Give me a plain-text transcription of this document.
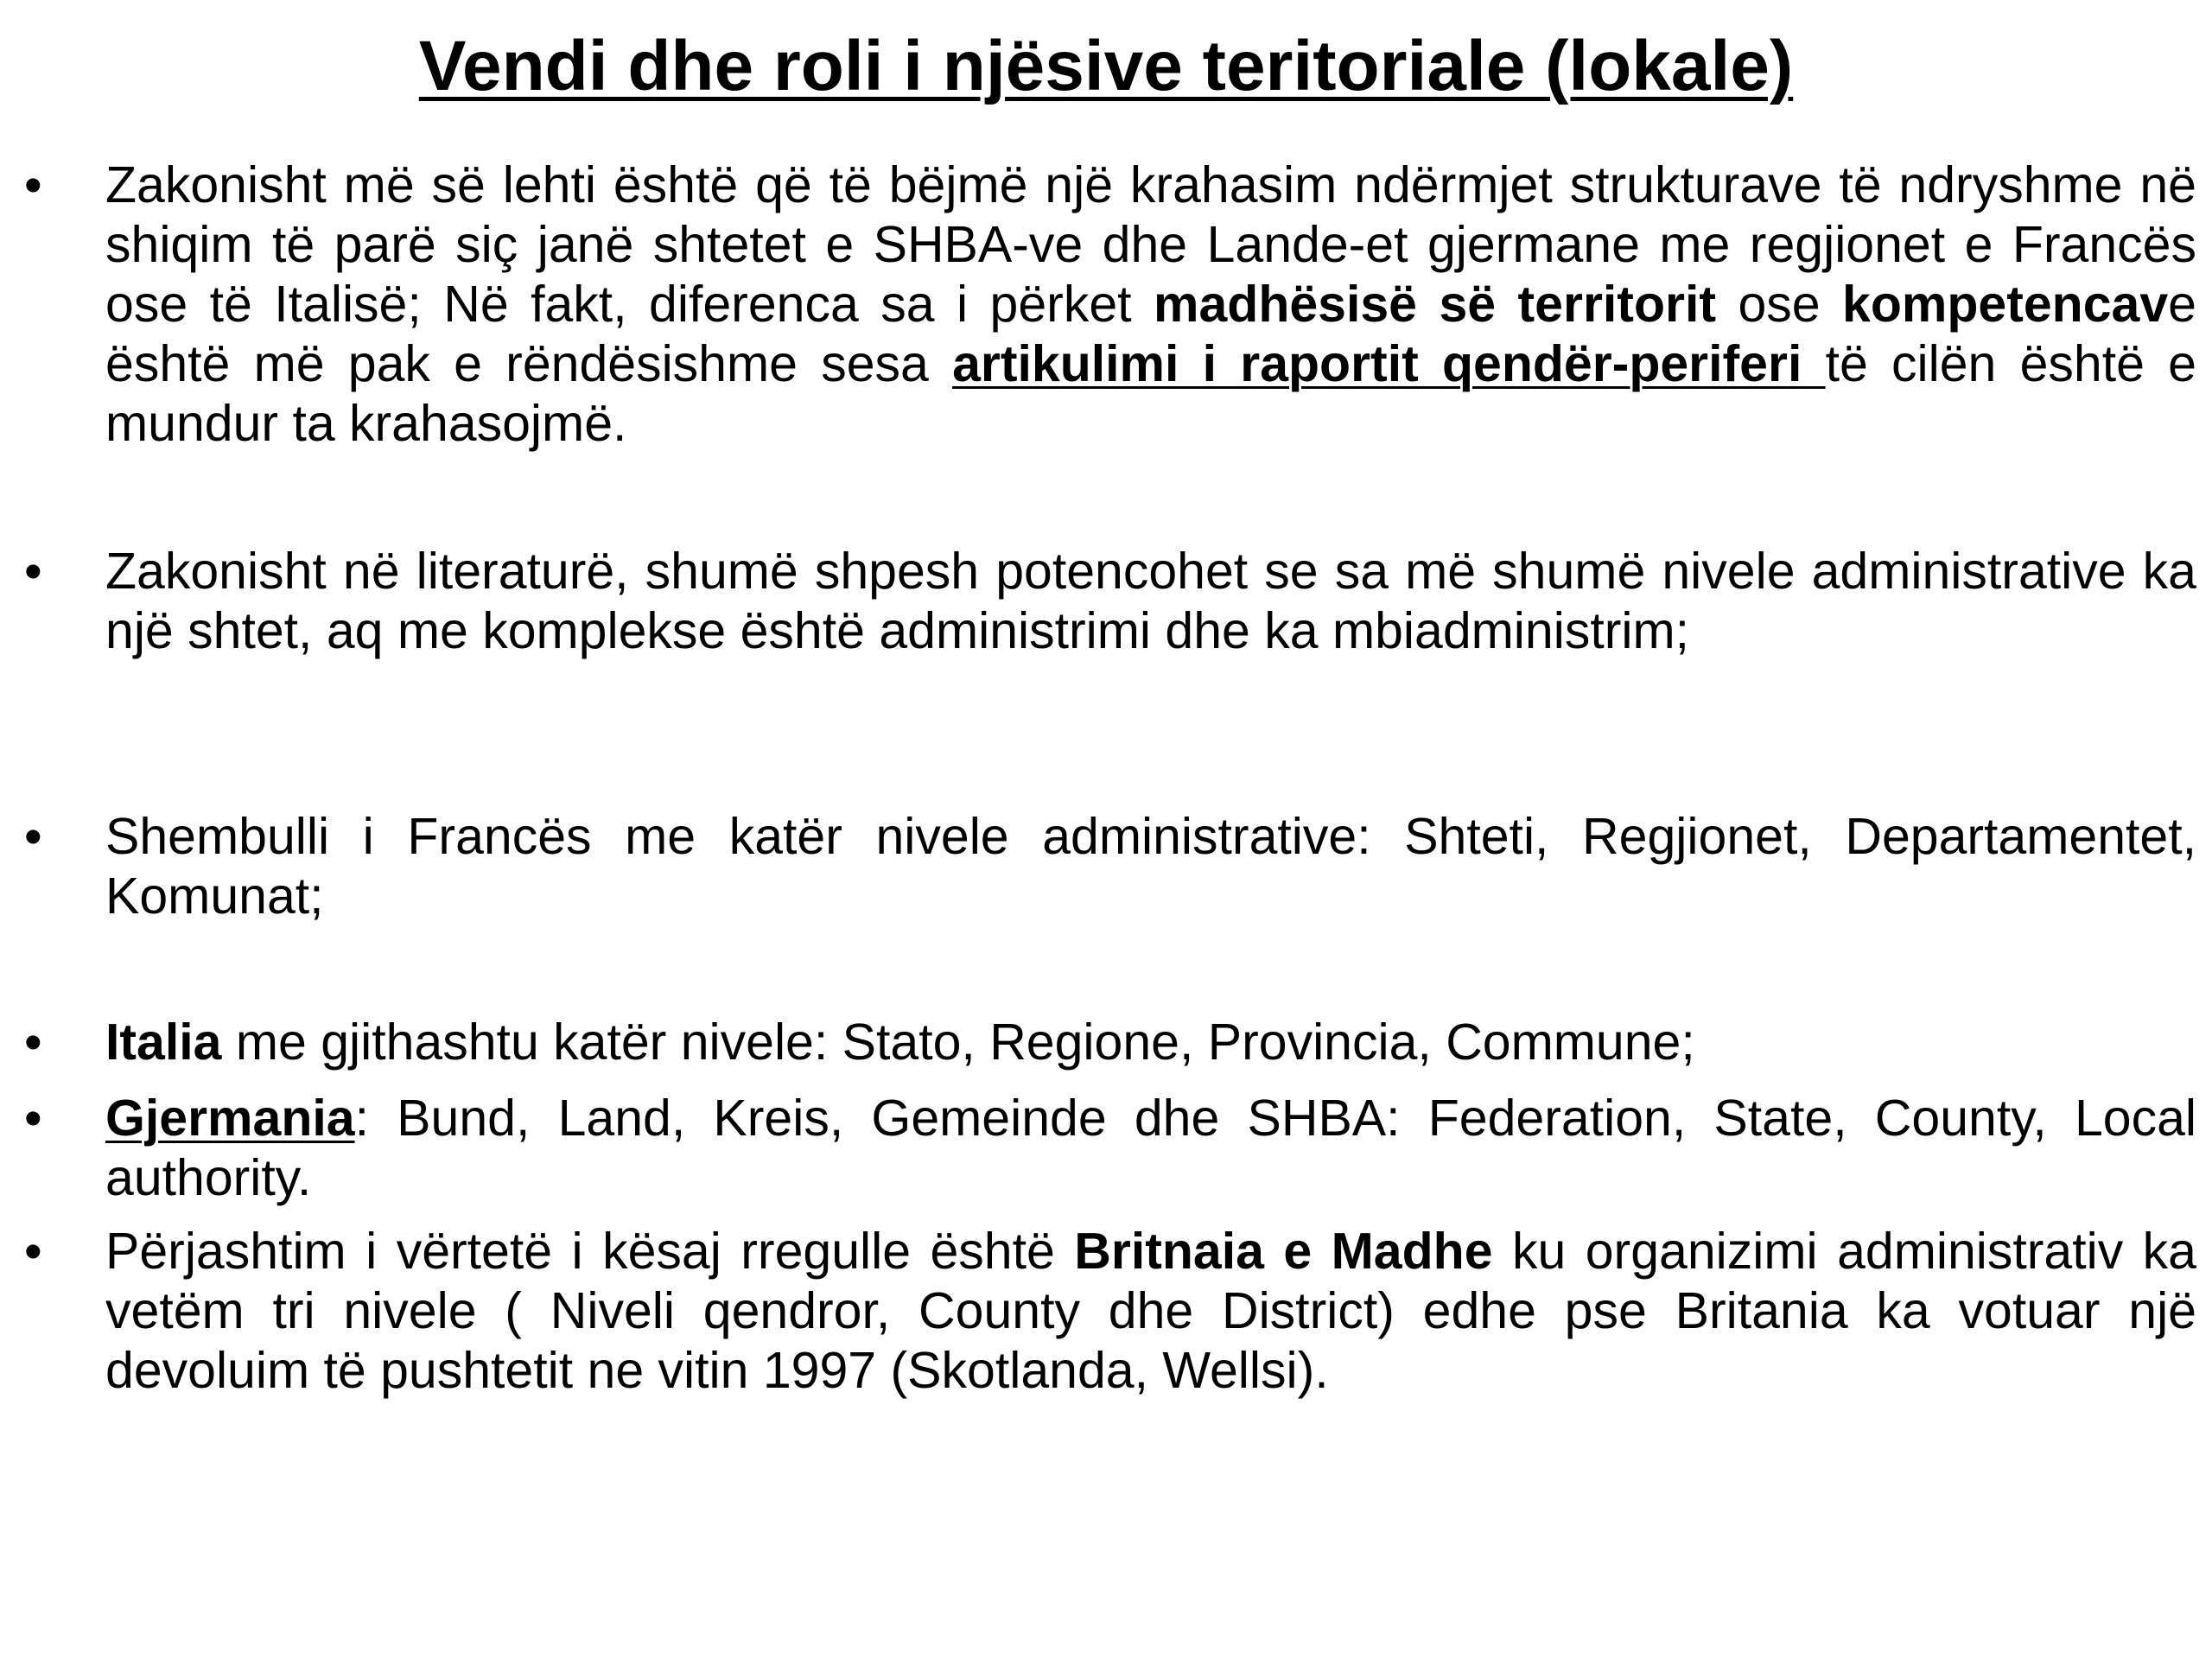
Vendi dhe roli i njësive teritoriale (lokale)
• Zakonisht më së lehti është që të bëjmë një krahasim ndërmjet strukturave të ndryshme në shiqim të parë siç janë shtetet e SHBA-ve dhe Lande-et gjermane me regjionet e Francës ose të Italisë; Në fakt, diferenca sa i përket madhësisë së territorit ose kompetencave është më pak e rëndësishme sesa artikulimi i raportit qendër-periferi të cilën është e mundur ta krahasojmë.
• Zakonisht në literaturë, shumë shpesh potencohet se sa më shumë nivele administrative ka një shtet, aq me komplekse është administrimi dhe ka mbiadministrim;
• Shembulli i Francës me katër nivele administrative: Shteti, Regjionet, Departamentet, Komunat;
• Italia me gjithashtu katër nivele: Stato, Regione, Provincia, Commune;
• Gjermania: Bund, Land, Kreis, Gemeinde dhe SHBA: Federation, State, County, Local authority.
• Përjashtim i vërtetë i kësaj rregulle është Britnaia e Madhe ku organizimi administrativ ka vetëm tri nivele ( Niveli qendror, County dhe District) edhe pse Britania ka votuar një devoluim të pushtetit ne vitin 1997 (Skotlanda, Wellsi).
